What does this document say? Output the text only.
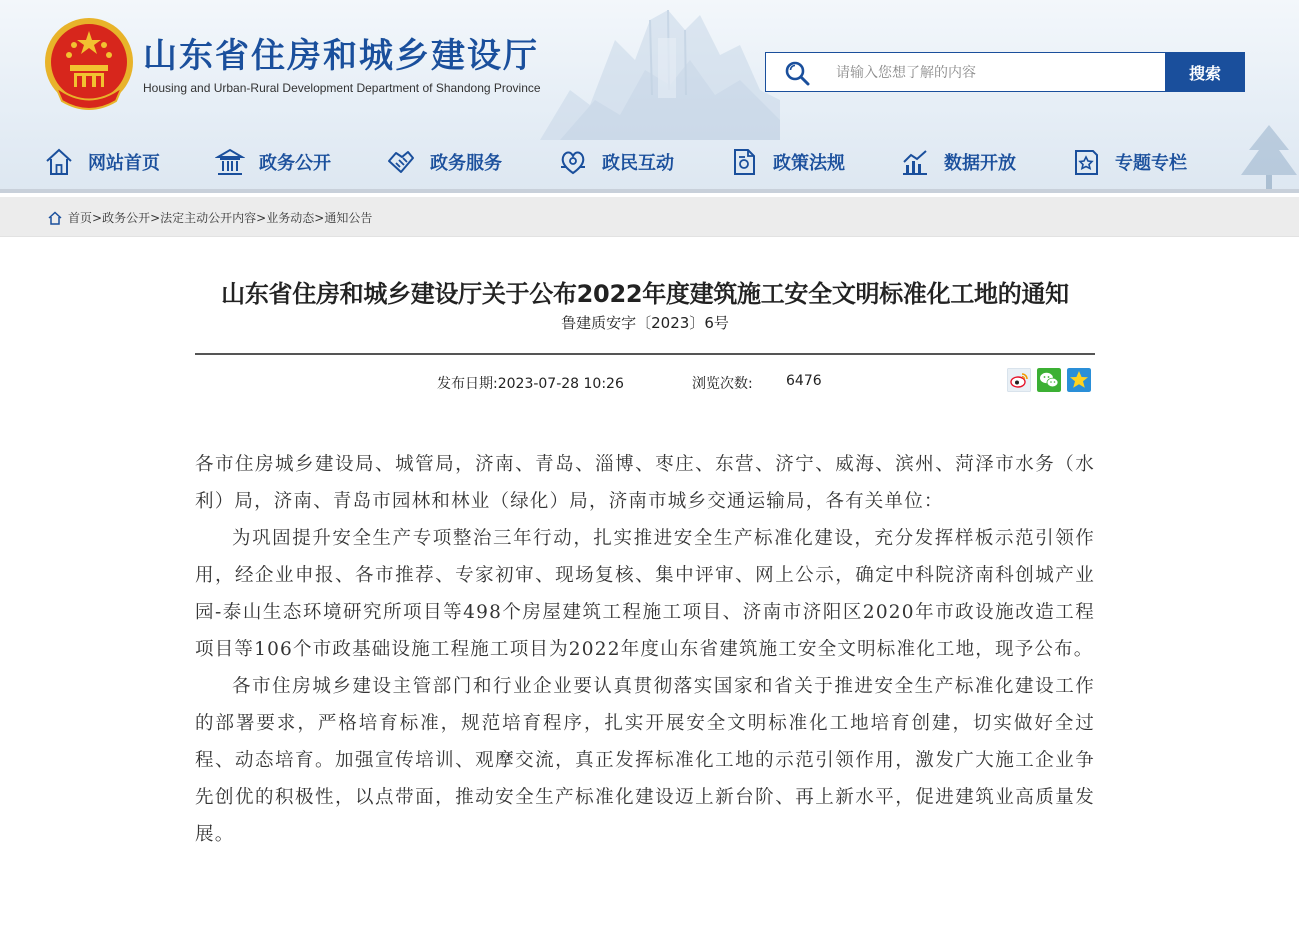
山东省住房和城乡建设厅
Housing and Urban-Rural Development Department of Shandong Province
请输入您想了解的内容
搜索
网站首页	政务公开	政务服务	政民互动	政策法规	数据开放	专题专栏
首页 > 政务公开 > 法定主动公开内容 > 业务动态 > 通知公告
山东省住房和城乡建设厅关于公布2022年度建筑施工安全文明标准化工地的通知
鲁建质安字〔2023〕6号
发布日期:2023-07-28 10:26	浏览次数: 6476

各市住房城乡建设局、城管局，济南、青岛、淄博、枣庄、东营、济宁、威海、滨州、菏泽市水务（水利）局，济南、青岛市园林和林业（绿化）局，济南市城乡交通运输局，各有关单位：

为巩固提升安全生产专项整治三年行动，扎实推进安全生产标准化建设，充分发挥样板示范引领作用，经企业申报、各市推荐、专家初审、现场复核、集中评审、网上公示，确定中科院济南科创城产业园-泰山生态环境研究所项目等498个房屋建筑工程施工项目、济南市济阳区2020年市政设施改造工程项目等106个市政基础设施工程施工项目为2022年度山东省建筑施工安全文明标准化工地，现予公布。

各市住房城乡建设主管部门和行业企业要认真贯彻落实国家和省关于推进安全生产标准化建设工作的部署要求，严格培育标准，规范培育程序，扎实开展安全文明标准化工地培育创建，切实做好全过程、动态培育。加强宣传培训、观摩交流，真正发挥标准化工地的示范引领作用，激发广大施工企业争先创优的积极性，以点带面，推动安全生产标准化建设迈上新台阶、再上新水平，促进建筑业高质量发展。
